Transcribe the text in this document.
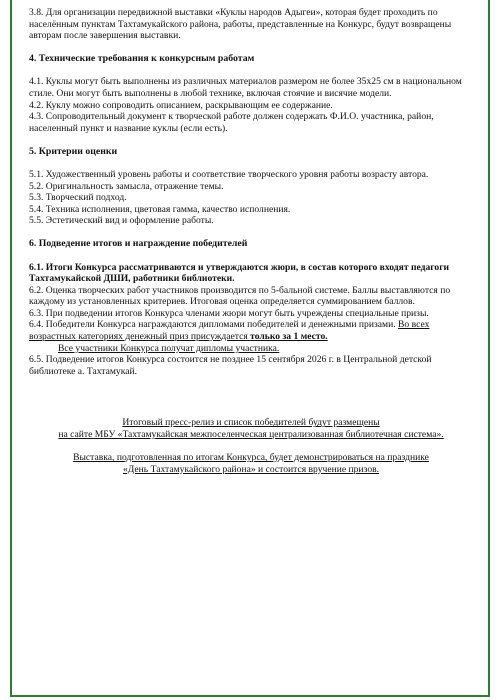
3.8. Для организации передвижной выставки «Куклы народов Адыгеи», которая будет проходить по населённым пунктам Тахтамукайского района, работы, представленные на Конкурс, будут возвращены авторам после завершения выставки.

4. Технические требования к конкурсным работам

4.1. Куклы могут быть выполнены из различных материалов размером не более 35х25 см в национальном стиле. Они могут быть выполнены в любой технике, включая стоячие и висячие модели.

4.2. Куклу можно сопроводить описанием, раскрывающим ее содержание.

4.3. Сопроводительный документ к творческой работе должен содержать Ф.И.О. участника, район, населенный пункт и название куклы (если есть).

5. Критерии оценки

5.1. Художественный уровень работы и соответствие творческого уровня работы возрасту автора.

5.2. Оригинальность замысла, отражение темы.

5.3. Творческий подход.

5.4. Техника исполнения, цветовая гамма, качество исполнения.

5.5. Эстетический вид и оформление работы.

6. Подведение итогов и награждение победителей

6.1. Итоги Конкурса рассматриваются и утверждаются жюри, в состав которого входят педагоги Тахтамукайской ДШИ, работники библиотеки.

6.2. Оценка творческих работ участников производится по 5-бальной системе. Баллы выставляются по каждому из установленных критериев. Итоговая оценка определяется суммированием баллов.

6.3. При подведении итогов Конкурса членами жюри могут быть учреждены специальные призы.

6.4. Победители Конкурса награждаются дипломами победителей и денежными призами. Во всех возрастных категориях денежный приз присуждается только за 1 место.

Все участники Конкурса получат дипломы участника.

6.5. Подведение итогов Конкурса состоится не позднее 15 сентября 2026 г. в Центральной детской библиотеке а. Тахтамукай.

Итоговый пресс-релиз и список победителей будут размещены

на сайте МБУ «Тахтамукайская межпоселенческая централизованная библиотечная система».

Выставка, подготовленная по итогам Конкурса, будет демонстрироваться на празднике

«День Тахтамукайского района» и состоится вручение призов.
